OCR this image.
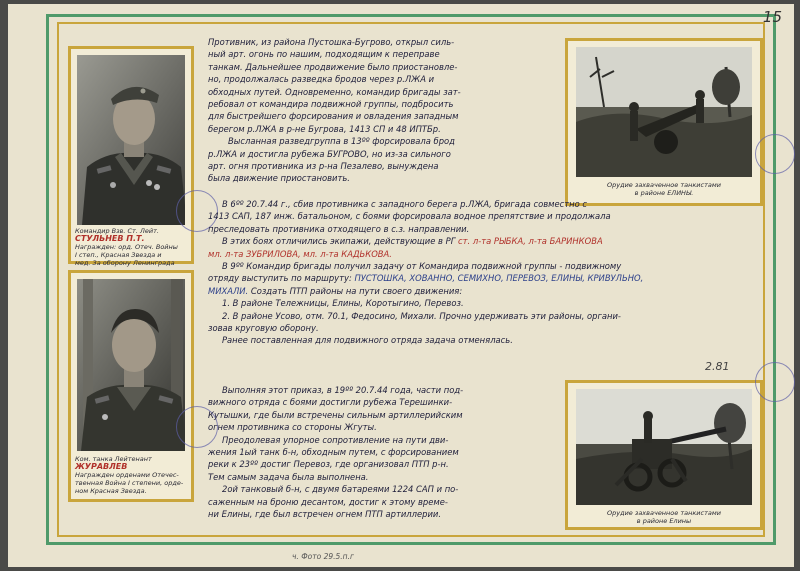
15
Командир Взв. Ст. Лейт.
СТУЛЬНЕВ П.Т.
Награжден: орд. Отеч. Войны
I степ., Красная Звезда и
мед. За оборону Ленинграда
Ком. танка Лейтенант
ЖУРАВЛЕВ
Награжден орденами Отечес-
твенная Война I степени, орде-
ном Красная Звезда.
Орудие захваченное танкистами
в районе ЕЛИНЫ.
Орудие захваченное танкистами
в районе Елины
2.81

Противник, из района Пустошка-Бугрово, открыл силь-

ный арт. огонь по нашим, подходящим к переправе

танкам. Дальнейшее продвижение было приостановле-

но, продолжалась разведка бродов через р.ЛЖА и

обходных путей. Одновременно, командир бригады зат-

ребовал от командира подвижной группы, подбросить

для быстрейшего форсирования и овладения западным

берегом р.ЛЖА в р-не Бугрова, 1413 СП и 48 ИПТБр.

Высланная разведгруппа в 13ºº форсировала брод

р.ЛЖА и достигла рубежа БУГРОВО, но из-за сильного

арт. огня противника из р-на Пезалево, вынуждена

была движение приостановить.

В 6ºº 20.7.44 г., сбив противника с западного берега р.ЛЖА, бригада совместно с

1413 САП, 187 инж. батальоном, с боями форсировала водное препятствие и продолжала

преследовать противника отходящего в с.з. направлении.

В этих боях отличились экипажи, действующие в РГ ст. л-та РЫБКА, л-та БАРИНКОВА

мл. л-та ЗУБРИЛОВА, мл. л-та КАДЬКОВА.

В 9ºº Командир бригады получил задачу от Командира подвижной группы - подвижному

отряду выступить по маршруту: ПУСТОШКА, ХОВАННО, СЕМИХНО, ПЕРЕВОЗ, ЕЛИНЫ, КРИВУЛЬНО,

МИХАЛИ. Создать ПТП районы на пути своего движения:

1. В районе Тележницы, Елины, Коротыгино, Перевоз.

2. В районе Усово, отм. 70.1, Федосино, Михали. Прочно удерживать эти районы, органи-

зовав круговую оборону.

Ранее поставленная для подвижного отряда задача отменялась.

Выполняя этот приказ, в 19ºº 20.7.44 года, части под-

вижного отряда с боями достигли рубежа Терешинки-

Кутышки, где были встречены сильным артиллерийским

огнем противника со стороны Жгуты.

Преодолевая упорное сопротивление на пути дви-

жения 1ый танк б-н, обходным путем, с форсированием

реки к 23ºº достиг Перевоз, где организовал ПТП р-н.

Тем самым задача была выполнена.

2ой танковый б-н, с двумя батареями 1224 САП и по-

саженным на броню десантом, достиг к этому време-

ни Елины, где был встречен огнем ПТП артиллерии.

ч. Фото 29.5.п.г
